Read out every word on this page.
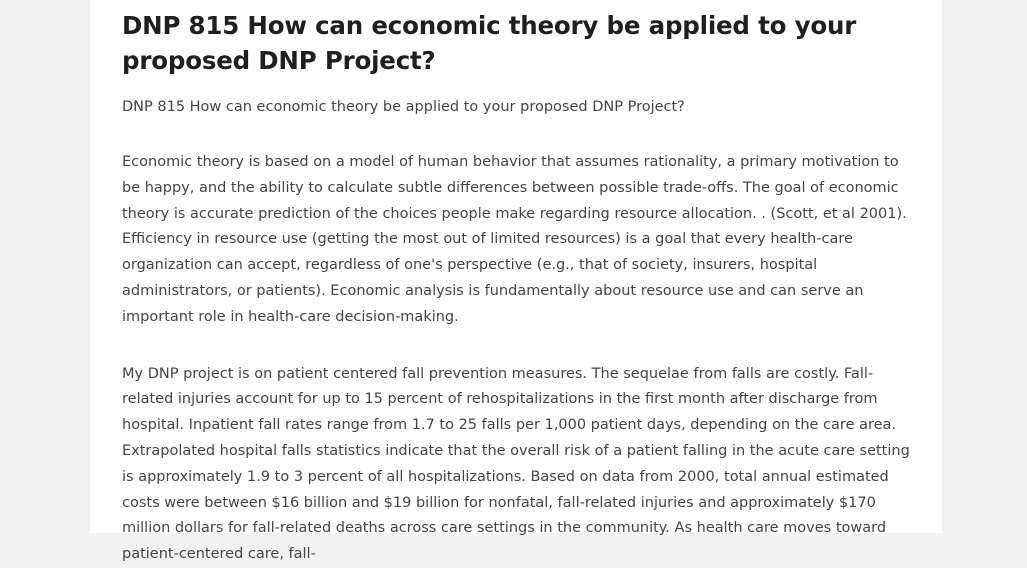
DNP 815 How can economic theory be applied to your proposed DNP Project?
DNP 815 How can economic theory be applied to your proposed DNP Project?

Economic theory is based on a model of human behavior that assumes rationality, a primary motivation to be happy, and the ability to calculate subtle differences between possible trade-offs. The goal of economic theory is accurate prediction of the choices people make regarding resource allocation. . (Scott, et al 2001). Efficiency in resource use (getting the most out of limited resources) is a goal that every health-care organization can accept, regardless of one's perspective (e.g., that of society, insurers, hospital administrators, or patients). Economic analysis is fundamentally about resource use and can serve an important role in health-care decision-making.

My DNP project is on patient centered fall prevention measures. The sequelae from falls are costly. Fall-related injuries account for up to 15 percent of rehospitalizations in the first month after discharge from hospital. Inpatient fall rates range from 1.7 to 25 falls per 1,000 patient days, depending on the care area. Extrapolated hospital falls statistics indicate that the overall risk of a patient falling in the acute care setting is approximately 1.9 to 3 percent of all hospitalizations. Based on data from 2000, total annual estimated costs were between $16 billion and $19 billion for nonfatal, fall-related injuries and approximately $170 million dollars for fall-related deaths across care settings in the community. As health care moves toward patient-centered care, fall-
